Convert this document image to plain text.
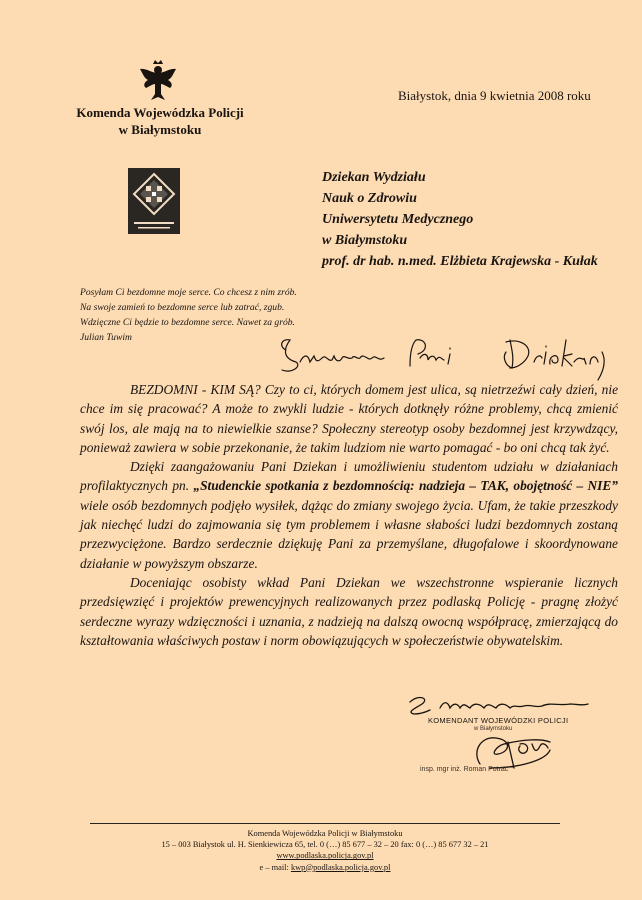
Komenda Wojewódzka Policji
w Białymstoku
Białystok, dnia 9 kwietnia 2008 roku
Dziekan Wydziału
Nauk o Zdrowiu
Uniwersytetu Medycznego
w Białymstoku
prof. dr hab. n.med. Elżbieta Krajewska - Kułak
Posyłam Ci bezdomne moje serce. Co chcesz z nim zrób.
Na swoje zamień to bezdomne serce lub zatrać, zgub.
Wdzięczne Ci będzie to bezdomne serce. Nawet za grób.
Julian Tuwim	Szanowna Pani Dziekan,

BEZDOMNI - KIM SĄ? Czy to ci, których domem jest ulica, są nietrzeźwi cały dzień, nie chce im się pracować? A może to zwykli ludzie - których dotknęły różne problemy, chcą zmienić swój los, ale mają na to niewielkie szanse? Społeczny stereotyp osoby bezdomnej jest krzywdzący, ponieważ zawiera w sobie przekonanie, że takim ludziom nie warto pomagać - bo oni chcą tak żyć.

Dzięki zaangażowaniu Pani Dziekan i umożliwieniu studentom udziału w działaniach profilaktycznych pn. „Studenckie spotkania z bezdomnością: nadzieja – TAK, obojętność – NIE” wiele osób bezdomnych podjęło wysiłek, dążąc do zmiany swojego życia. Ufam, że takie przeszkody jak niechęć ludzi do zajmowania się tym problemem i własne słabości ludzi bezdomnych zostaną przezwyciężone. Bardzo serdecznie dziękuję Pani za przemyślane, długofalowe i skoordynowane działanie w powyższym obszarze.

Doceniając osobisty wkład Pani Dziekan we wszechstronne wspieranie licznych przedsięwzięć i projektów prewencyjnych realizowanych przez podlaską Policję - pragnę złożyć serdeczne wyrazy wdzięczności i uznania, z nadzieją na dalszą owocną współpracę, zmierzającą do kształtowania właściwych postaw i norm obowiązujących w społeczeństwie obywatelskim.

KOMENDANT WOJEWÓDZKI POLICJI
w Białymstoku
insp. mgr inż. Roman Potrac
Komenda Wojewódzka Policji w Białymstoku
15 – 003 Białystok ul. H. Sienkiewicza 65, tel. 0 (…) 85 677 – 32 – 20 fax: 0 (…) 85 677 32 – 21
www.podlaska.policja.gov.pl
e – mail: kwp@podlaska.policja.gov.pl
